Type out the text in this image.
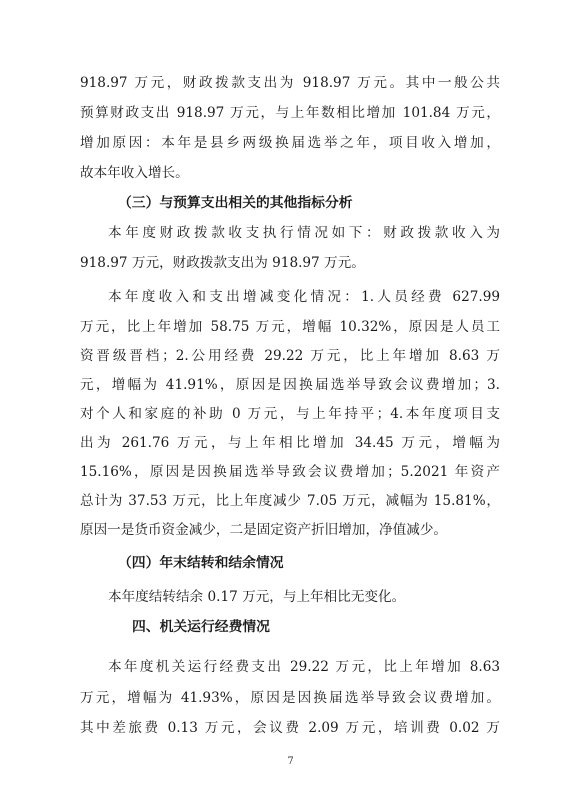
918.97 万元，财政拨款支出为 918.97 万元。其中一般公共
预算财政支出 918.97 万元，与上年数相比增加 101.84 万元，
增加原因：本年是县乡两级换届选举之年，项目收入增加，
故本年收入增长。
（三）与预算支出相关的其他指标分析
本年度财政拨款收支执行情况如下：财政拨款收入为
918.97 万元，财政拨款支出为 918.97 万元。
本年度收入和支出增减变化情况：1.人员经费 627.99
万元，比上年增加 58.75 万元，增幅 10.32%，原因是人员工
资晋级晋档；2.公用经费 29.22 万元，比上年增加 8.63 万
元，增幅为 41.91%，原因是因换届选举导致会议费增加；3.
对个人和家庭的补助 0 万元，与上年持平；4.本年度项目支
出为 261.76 万元，与上年相比增加 34.45 万元，增幅为
15.16%，原因是因换届选举导致会议费增加；5.2021 年资产
总计为 37.53 万元，比上年度减少 7.05 万元，减幅为 15.81%，
原因一是货币资金减少，二是固定资产折旧增加，净值减少。
（四）年末结转和结余情况
本年度结转结余 0.17 万元，与上年相比无变化。
四、机关运行经费情况
本年度机关运行经费支出 29.22 万元，比上年增加 8.63
万元，增幅为 41.93%，原因是因换届选举导致会议费增加。
其中差旅费 0.13 万元，会议费 2.09 万元，培训费 0.02 万
7
